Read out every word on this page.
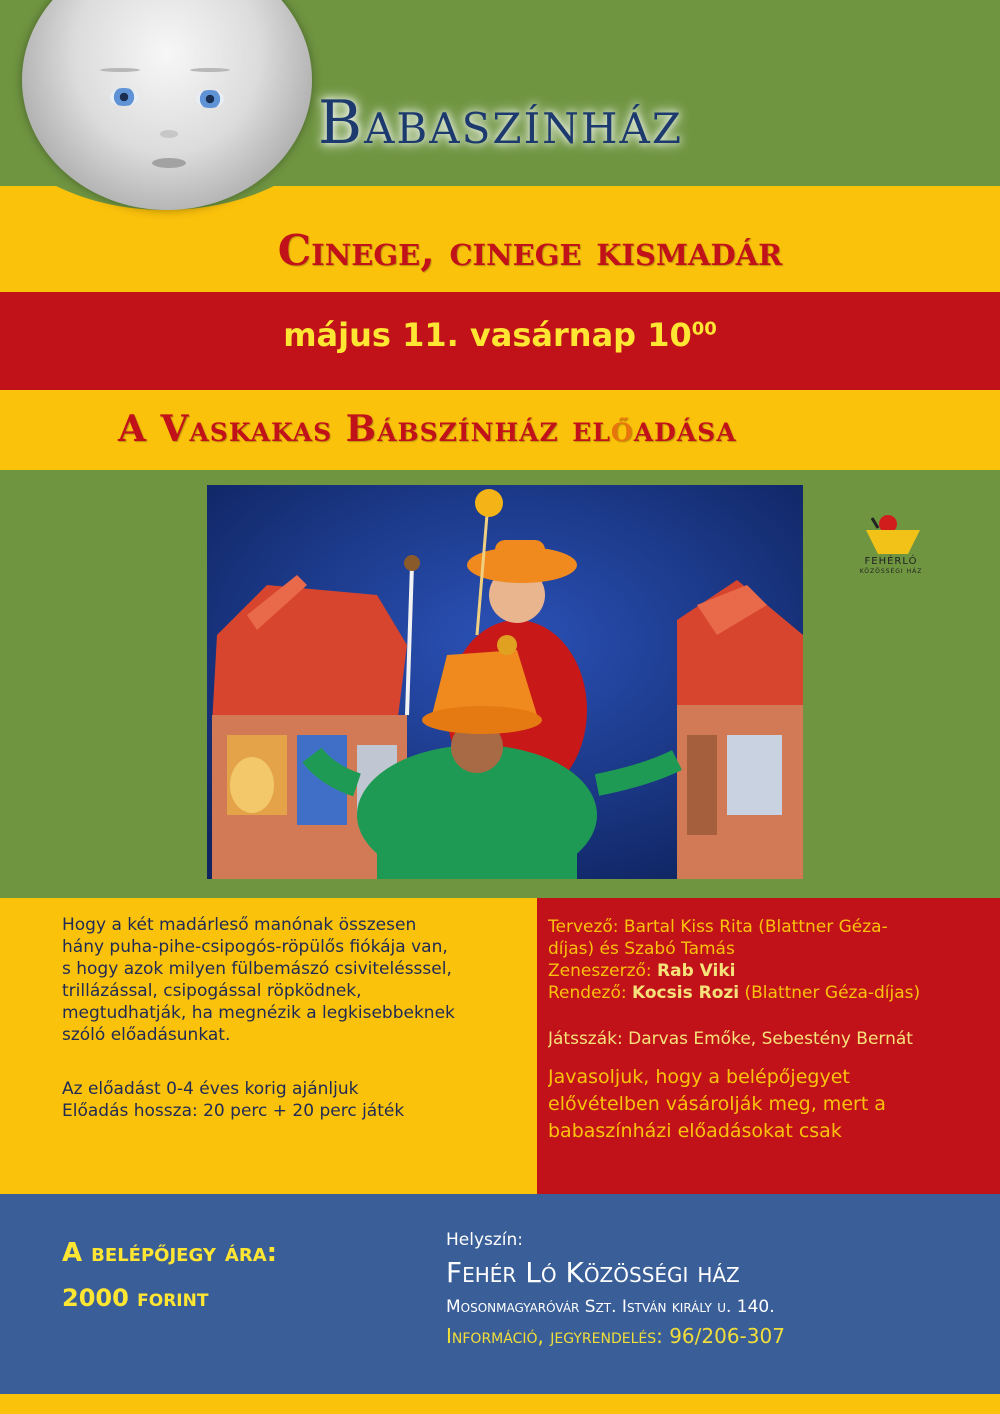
Babaszínház
Cinege, cinege kismadár
május 11. vasárnap $10^{00}$
A Vaskakas Bábszínház előadása
FEHÉRLÓ
KÖZÖSSÉGI HÁZ
Hogy a két madárleső manónak összesen
hány puha-pihe-csipogós-röpülős fiókája van,
s hogy azok milyen fülbemászó csivitelésssel,
trillázással, csipogással röpködnek,
megtudhatják, ha megnézik a legkisebbeknek
szóló előadásunkat.
Az előadást 0-4 éves korig ajánljuk
Előadás hossza: 20 perc + 20 perc játék
Tervező: Bartal Kiss Rita (Blattner Géza-
díjas) és Szabó Tamás
Zeneszerző: Rab Viki
Rendező: Kocsis Rozi (Blattner Géza-díjas)
Játsszák: Darvas Emőke, Sebestény Bernát
Javasoljuk, hogy a belépőjegyet
elővételben vásárolják meg, mert a
babaszínházi előadásokat csak
A belépőjegy ára:
2000 forint
Helyszín:
Fehér Ló Közösségi ház
Mosonmagyaróvár Szt. István király u. 140.
Információ, jegyrendelés: 96/206-307
